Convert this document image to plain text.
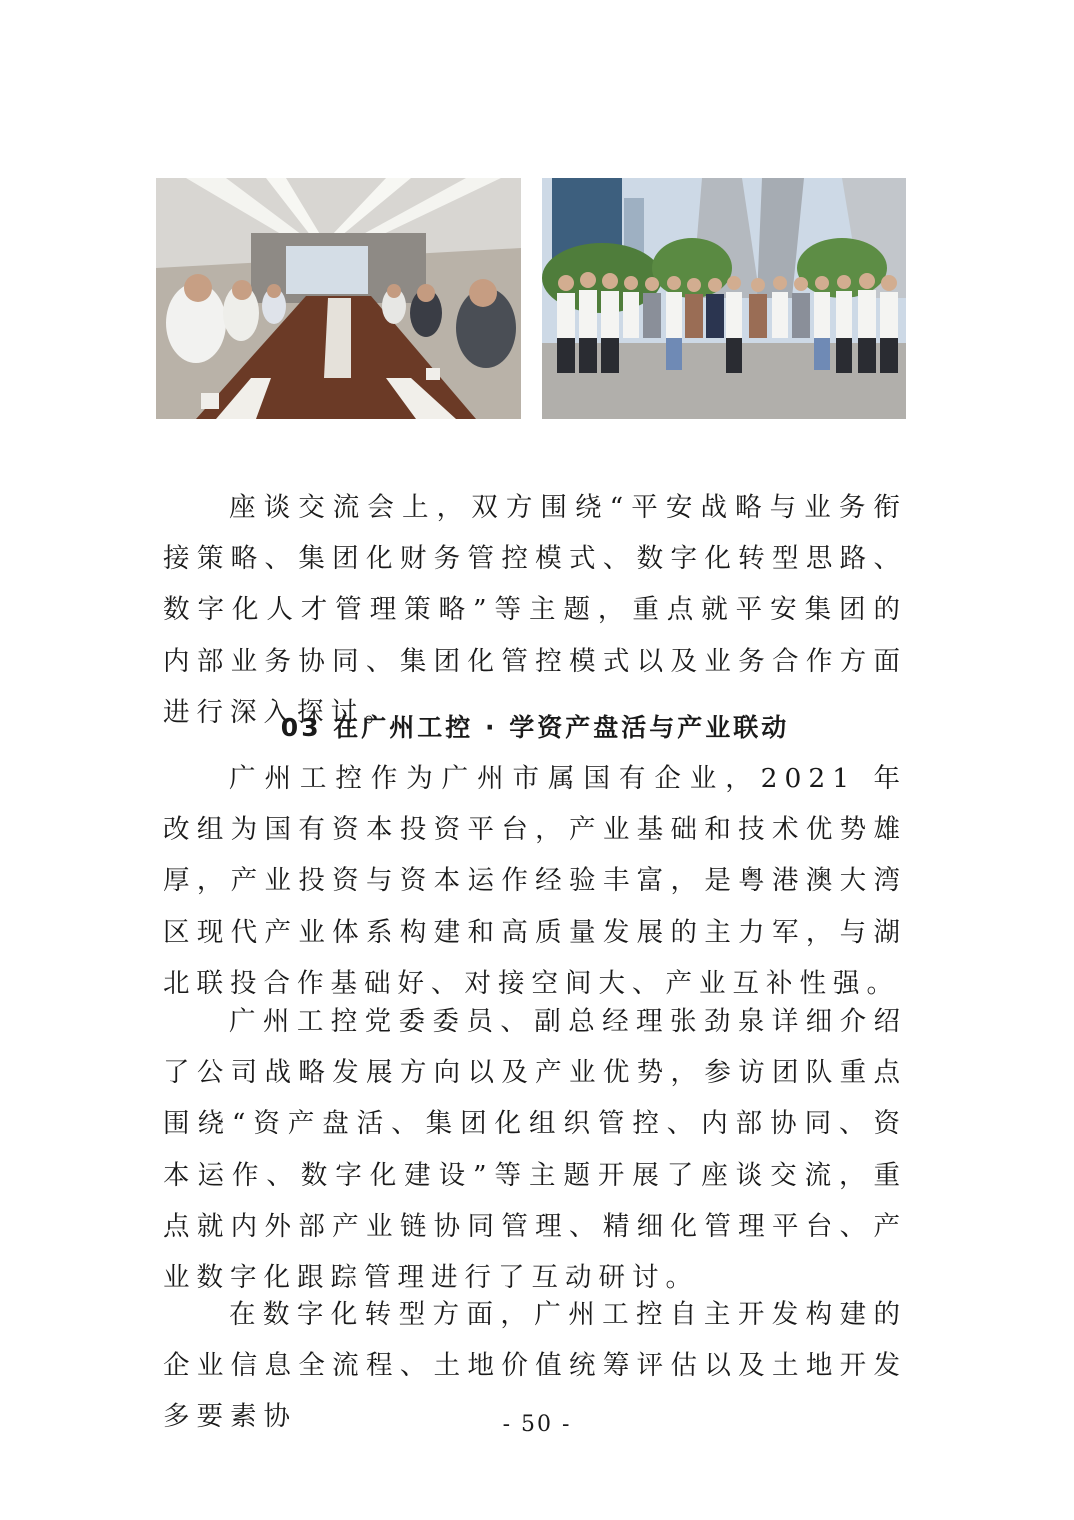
座谈交流会上，双方围绕“平安战略与业务衔接策略、集团化财务管控模式、数字化转型思路、数字化人才管理策略”等主题，重点就平安集团的内部业务协同、集团化管控模式以及业务合作方面进行深入探讨。

03 在广州工控 · 学资产盘活与产业联动

广州工控作为广州市属国有企业，2021 年改组为国有资本投资平台，产业基础和技术优势雄厚，产业投资与资本运作经验丰富，是粤港澳大湾区现代产业体系构建和高质量发展的主力军，与湖北联投合作基础好、对接空间大、产业互补性强。

广州工控党委委员、副总经理张劲泉详细介绍了公司战略发展方向以及产业优势，参访团队重点围绕“资产盘活、集团化组织管控、内部协同、资本运作、数字化建设”等主题开展了座谈交流，重点就内外部产业链协同管理、精细化管理平台、产业数字化跟踪管理进行了互动研讨。

在数字化转型方面，广州工控自主开发构建的企业信息全流程、土地价值统筹评估以及土地开发多要素协	- 50 -
